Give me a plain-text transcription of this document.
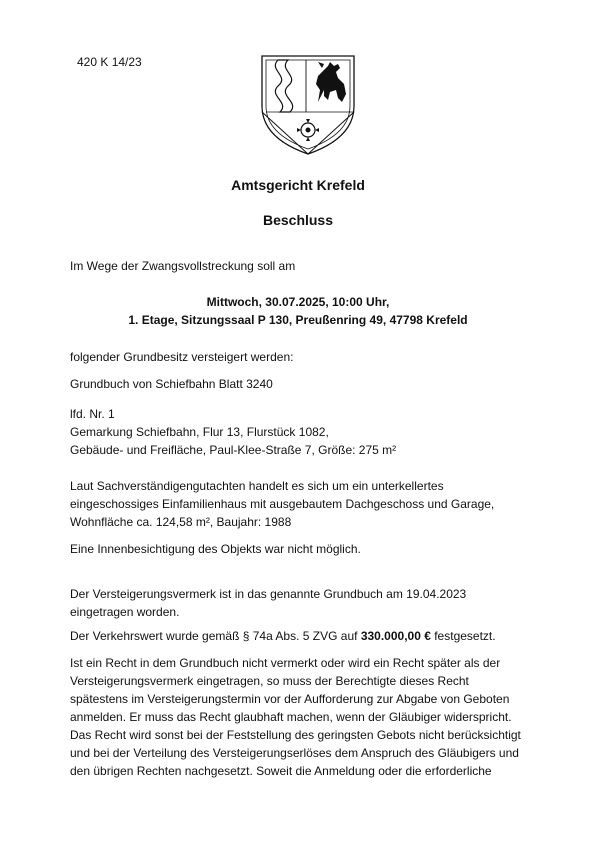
420 K 14/23
Amtsgericht Krefeld
Beschluss
Im Wege der Zwangsvollstreckung soll am
Mittwoch, 30.07.2025, 10:00 Uhr,
1. Etage, Sitzungssaal P 130, Preußenring 49, 47798 Krefeld
folgender Grundbesitz versteigert werden:
Grundbuch von Schiefbahn Blatt 3240
lfd. Nr. 1
Gemarkung Schiefbahn, Flur 13, Flurstück 1082,
Gebäude- und Freifläche, Paul-Klee-Straße 7, Größe: 275 m²
Laut Sachverständigengutachten handelt es sich um ein unterkellertes
eingeschossiges Einfamilienhaus mit ausgebautem Dachgeschoss und Garage,
Wohnfläche ca. 124,58 m², Baujahr: 1988
Eine Innenbesichtigung des Objekts war nicht möglich.
Der Versteigerungsvermerk ist in das genannte Grundbuch am 19.04.2023
eingetragen worden.
Der Verkehrswert wurde gemäß § 74a Abs. 5 ZVG auf 330.000,00 € festgesetzt.
Ist ein Recht in dem Grundbuch nicht vermerkt oder wird ein Recht später als der
Versteigerungsvermerk eingetragen, so muss der Berechtigte dieses Recht
spätestens im Versteigerungstermin vor der Aufforderung zur Abgabe von Geboten
anmelden. Er muss das Recht glaubhaft machen, wenn der Gläubiger widerspricht.
Das Recht wird sonst bei der Feststellung des geringsten Gebots nicht berücksichtigt
und bei der Verteilung des Versteigerungserlöses dem Anspruch des Gläubigers und
den übrigen Rechten nachgesetzt. Soweit die Anmeldung oder die erforderliche
